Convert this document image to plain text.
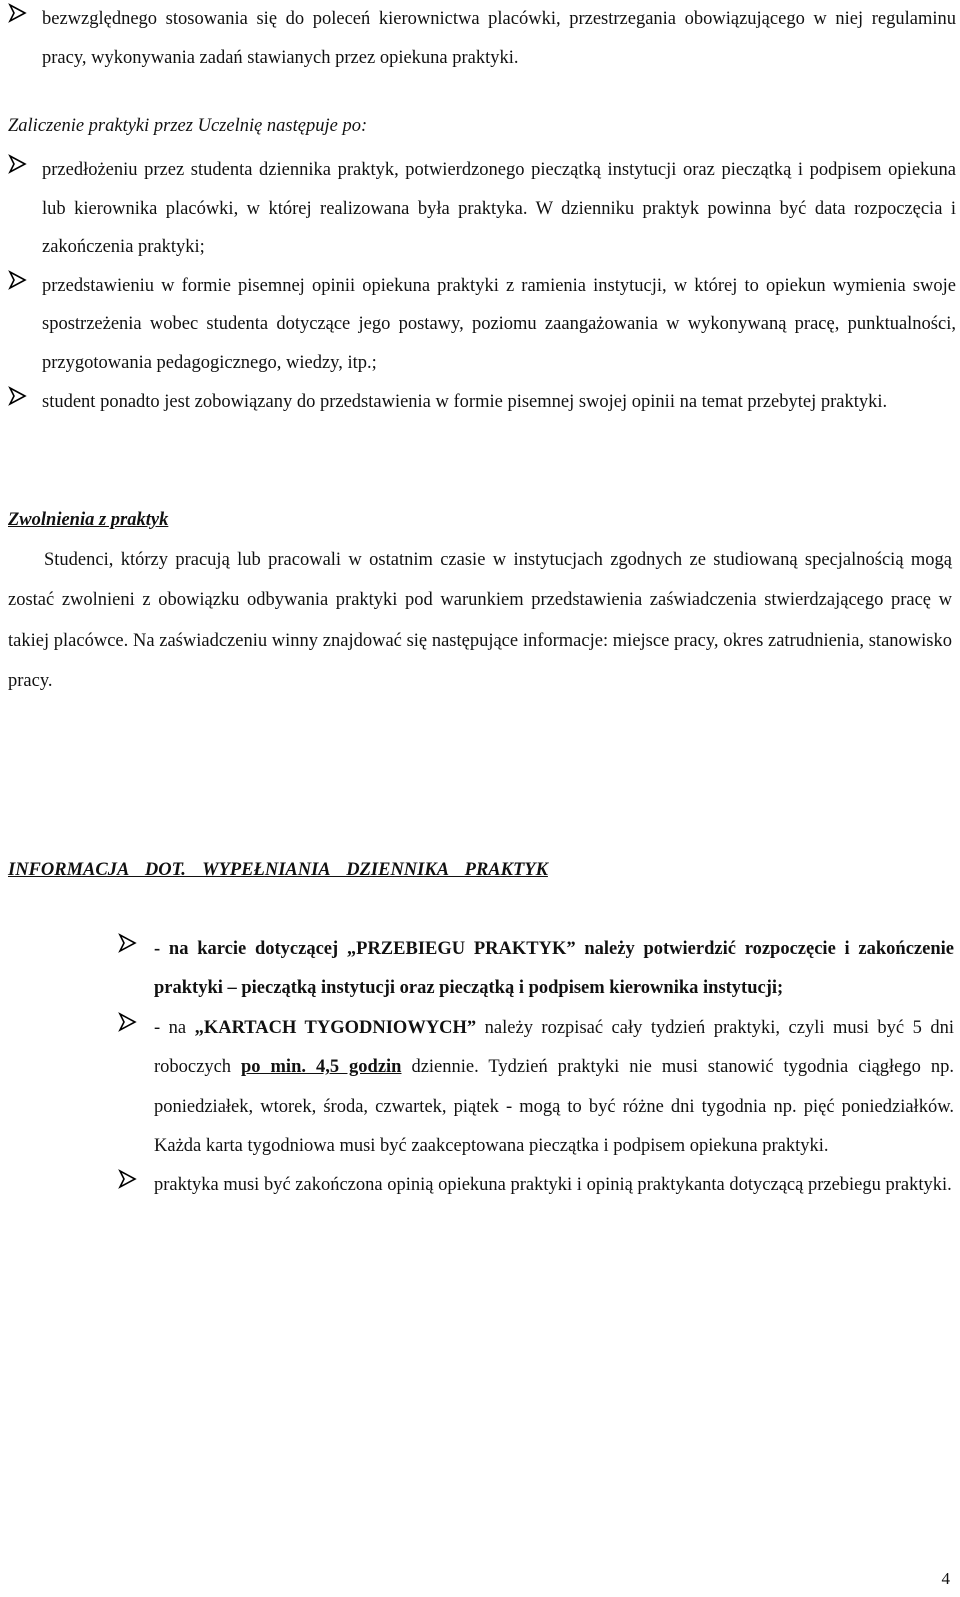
bezwzględnego stosowania się do poleceń kierownictwa placówki, przestrzegania obowiązującego w niej regulaminu pracy, wykonywania zadań stawianych przez opiekuna praktyki.
Zaliczenie praktyki przez Uczelnię następuje po:
przedłożeniu przez studenta dziennika praktyk, potwierdzonego pieczątką instytucji oraz pieczątką i podpisem opiekuna lub kierownika placówki, w której realizowana była praktyka. W dzienniku praktyk powinna być data rozpoczęcia i zakończenia praktyki;
przedstawieniu w formie pisemnej opinii opiekuna praktyki z ramienia instytucji, w której to opiekun wymienia swoje spostrzeżenia wobec studenta dotyczące jego postawy, poziomu zaangażowania w wykonywaną pracę, punktualności, przygotowania pedagogicznego, wiedzy, itp.;
student ponadto jest zobowiązany do przedstawienia w formie pisemnej swojej opinii na temat przebytej praktyki.
Zwolnienia z praktyk

Studenci, którzy pracują lub pracowali w ostatnim czasie w instytucjach zgodnych ze studiowaną specjalnością mogą zostać zwolnieni z obowiązku odbywania praktyki pod warunkiem przedstawienia zaświadczenia stwierdzającego pracę w takiej placówce. Na zaświadczeniu winny znajdować się następujące informacje: miejsce pracy, okres zatrudnienia, stanowisko pracy.

INFORMACJA DOT. WYPEŁNIANIA DZIENNIKA PRAKTYK
- na karcie dotyczącej „PRZEBIEGU PRAKTYK” należy potwierdzić rozpoczęcie i zakończenie praktyki – pieczątką instytucji oraz pieczątką i podpisem kierownika instytucji;
- na „KARTACH TYGODNIOWYCH” należy rozpisać cały tydzień praktyki, czyli musi być 5 dni roboczych po min. 4,5 godzin dziennie. Tydzień praktyki nie musi stanowić tygodnia ciągłego np. poniedziałek, wtorek, środa, czwartek, piątek - mogą to być różne dni tygodnia np. pięć poniedziałków. Każda karta tygodniowa musi być zaakceptowana pieczątka i podpisem opiekuna praktyki.
praktyka musi być zakończona opinią opiekuna praktyki i opinią praktykanta dotyczącą przebiegu praktyki.
4
